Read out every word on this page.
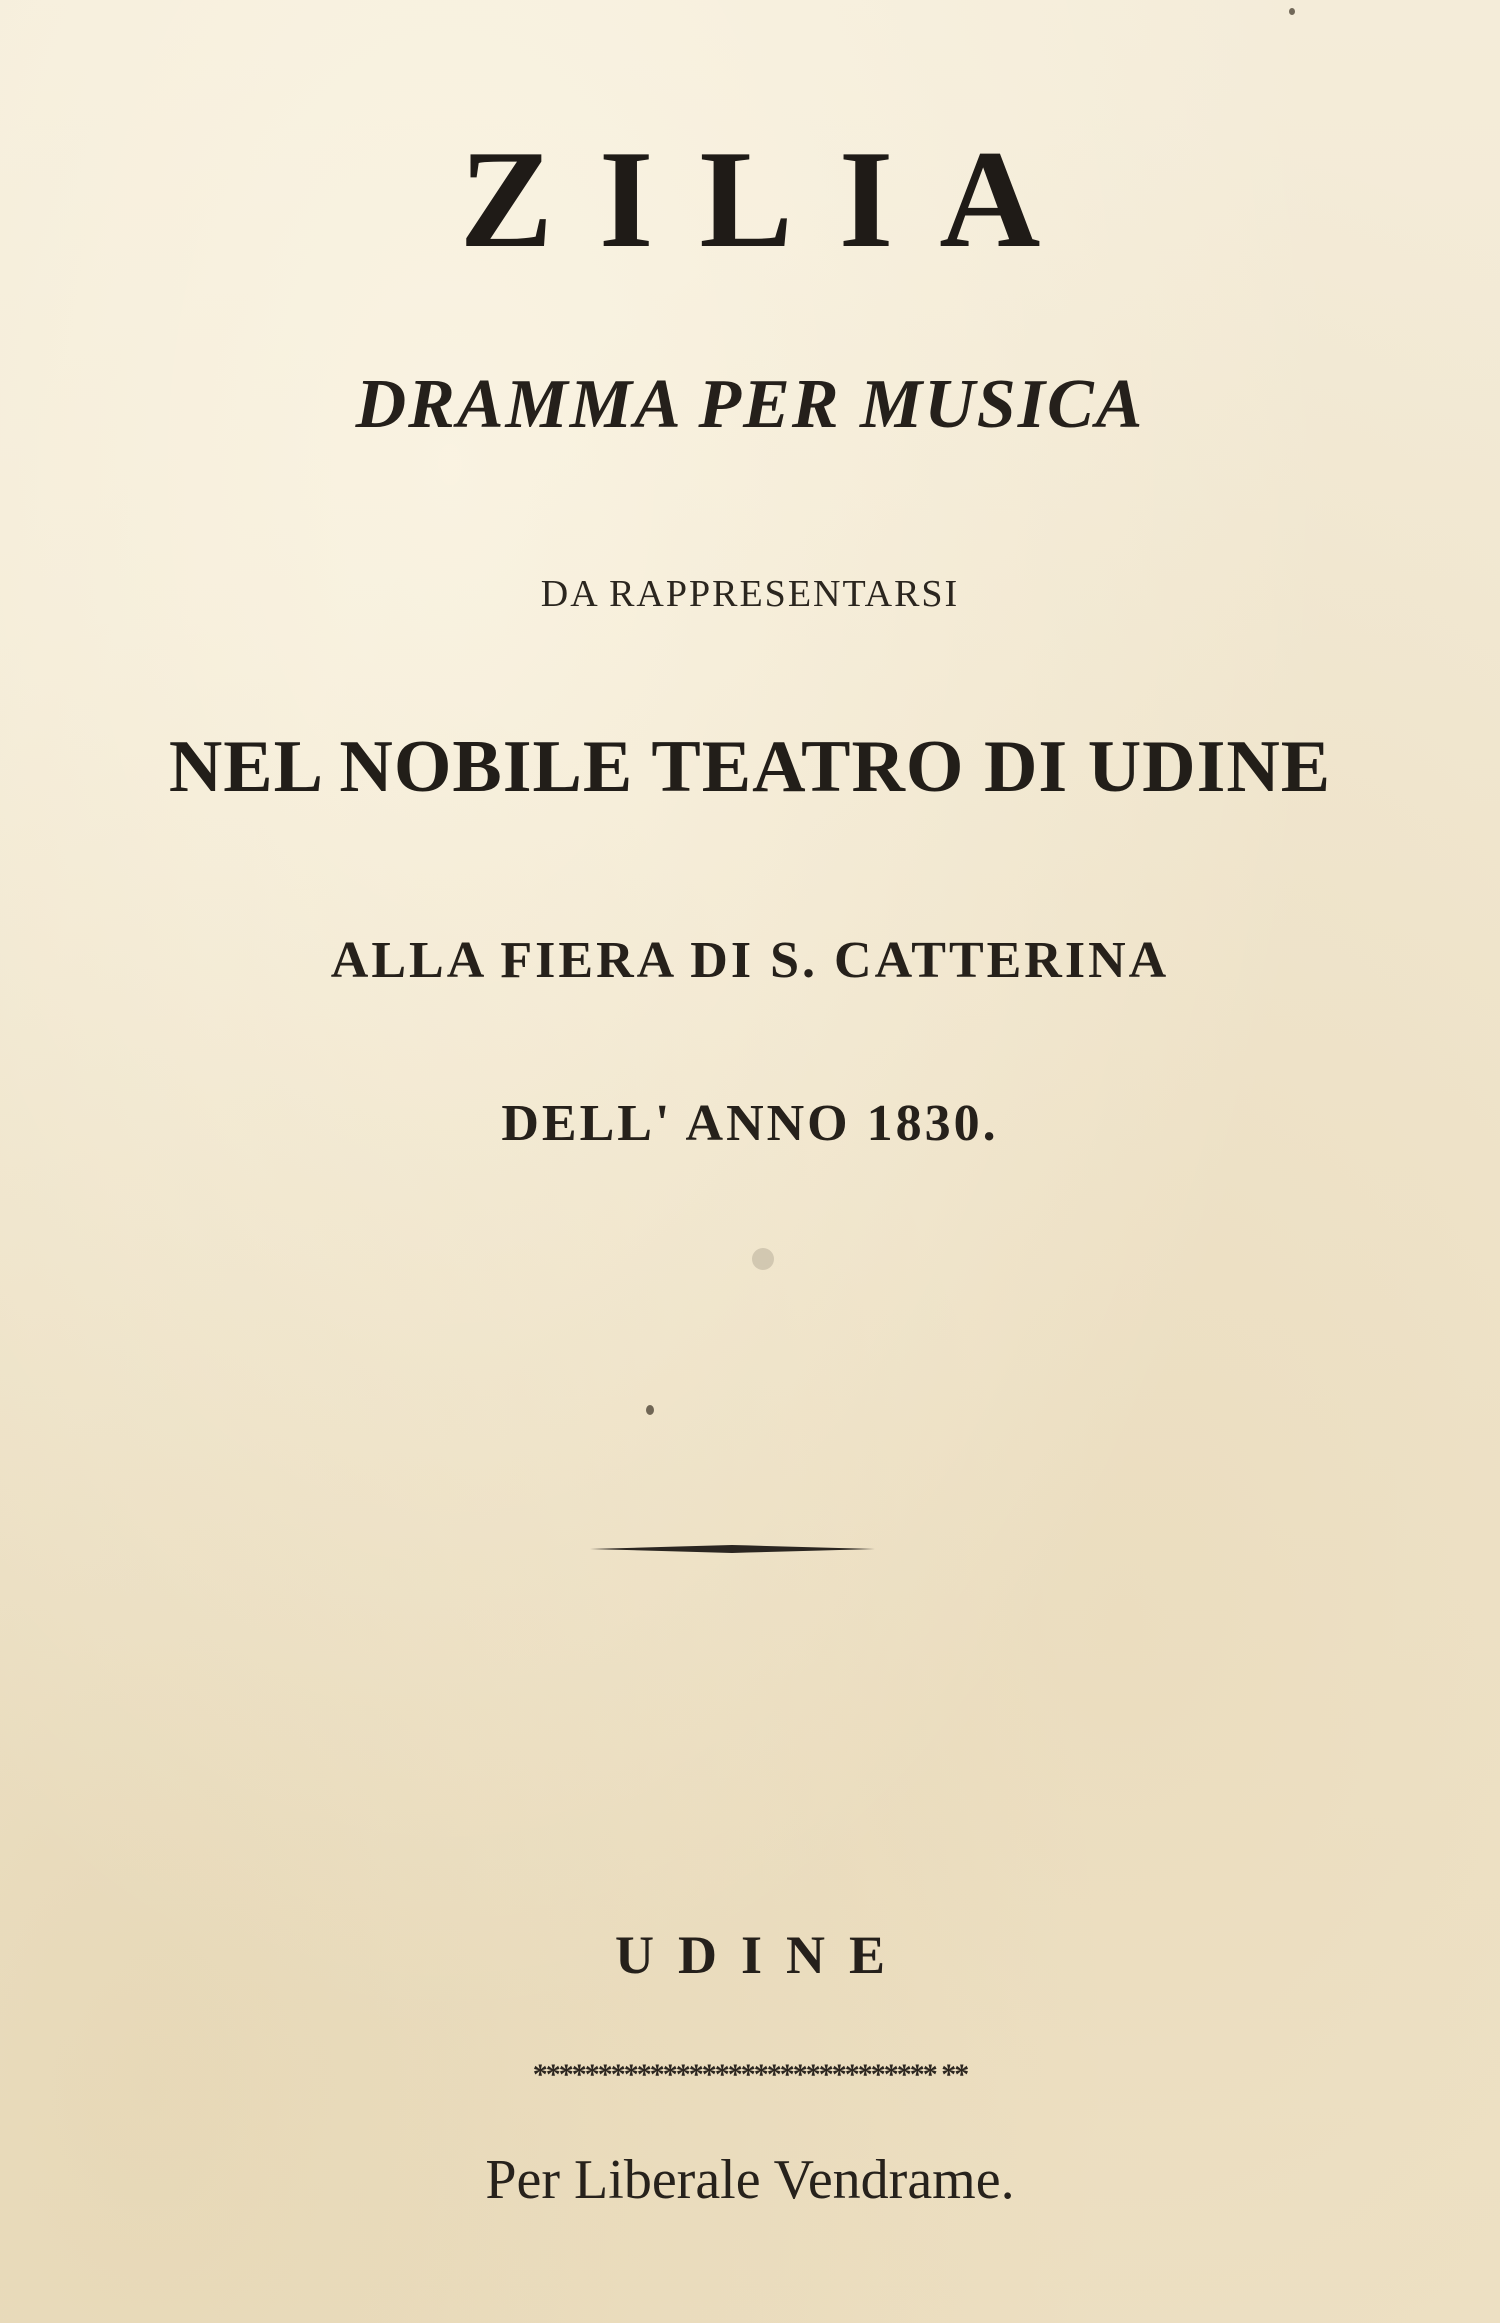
ZILIA
DRAMMA PER MUSICA
DA RAPPRESENTARSI
NEL NOBILE TEATRO DI UDINE
ALLA FIERA DI S. CATTERINA
DELL' ANNO 1830.
UDINE
******************************* **
Per Liberale Vendrame.
